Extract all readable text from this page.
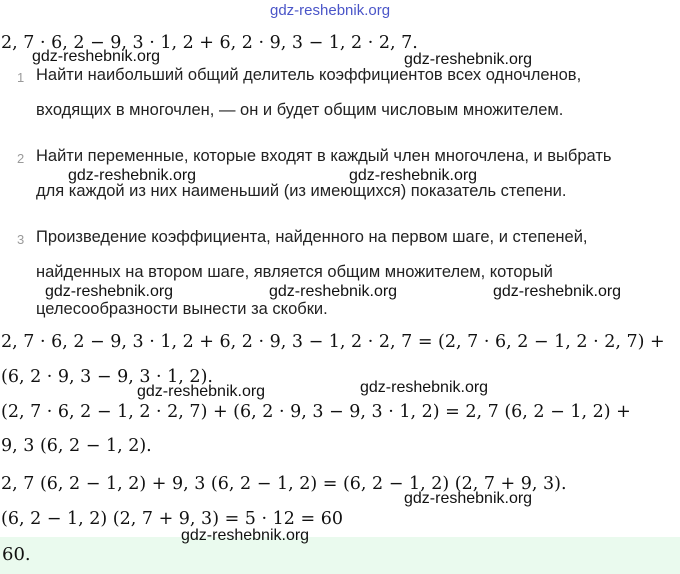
gdz-reshebnik.org
2, 7 · 6, 2 − 9, 3 · 1, 2 + 6, 2 · 9, 3 − 1, 2 · 2, 7.
gdz-reshebnik.org	gdz-reshebnik.org
1 Найти наибольший общий делитель коэффициентов всех одночленов,
входящих в многочлен, — он и будет общим числовым множителем.
2 Найти переменные, которые входят в каждый член многочлена, и выбрать
gdz-reshebnik.org	gdz-reshebnik.org
для каждой из них наименьший (из имеющихся) показатель степени.
3 Произведение коэффициента, найденного на первом шаге, и степеней,
найденных на втором шаге, является общим множителем, который
gdz-reshebnik.org	gdz-reshebnik.org	gdz-reshebnik.org
целесообразности вынести за скобки.
2, 7 · 6, 2 − 9, 3 · 1, 2 + 6, 2 · 9, 3 − 1, 2 · 2, 7 = (2, 7 · 6, 2 − 1, 2 · 2, 7) +
(6, 2 · 9, 3 − 9, 3 · 1, 2).
gdz-reshebnik.org	gdz-reshebnik.org
(2, 7 · 6, 2 − 1, 2 · 2, 7) + (6, 2 · 9, 3 − 9, 3 · 1, 2) = 2, 7 (6, 2 − 1, 2) +
9, 3 (6, 2 − 1, 2).
2, 7 (6, 2 − 1, 2) + 9, 3 (6, 2 − 1, 2) = (6, 2 − 1, 2) (2, 7 + 9, 3).
gdz-reshebnik.org
(6, 2 − 1, 2) (2, 7 + 9, 3) = 5 · 12 = 60
gdz-reshebnik.org
60.
